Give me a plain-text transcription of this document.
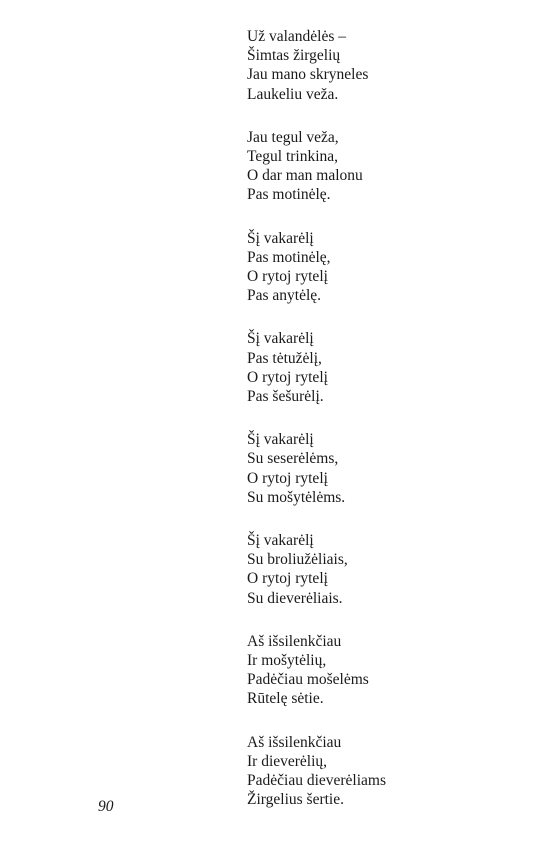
Už valandėlės –
Šimtas žirgelių
Jau mano skryneles
Laukeliu veža.
Jau tegul veža,
Tegul trinkina,
O dar man malonu
Pas motinėlę.
Šį vakarėlį
Pas motinėlę,
O rytoj rytelį
Pas anytėlę.
Šį vakarėlį
Pas tėtužėlį,
O rytoj rytelį
Pas šešurėlį.
Šį vakarėlį
Su seserėlėms,
O rytoj rytelį
Su mošytėlėms.
Šį vakarėlį
Su broliužėliais,
O rytoj rytelį
Su dieverėliais.
Aš išsilenkčiau
Ir mošytėlių,
Padėčiau mošelėms
Rūtelę sėtie.
Aš išsilenkčiau
Ir dieverėlių,
Padėčiau dieverėliams
Žirgelius šertie.
90
